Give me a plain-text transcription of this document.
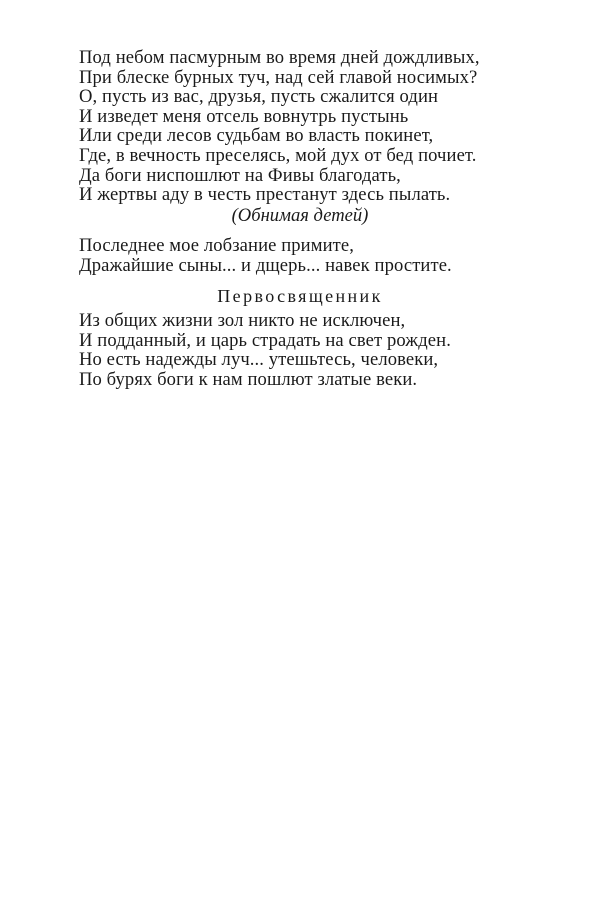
Под небом пасмурным во время дней дождливых,
При блеске бурных туч, над сей главой носимых?
О, пусть из вас, друзья, пусть сжалится один
И изведет меня отсель вовнутрь пустынь
Или среди лесов судьбам во власть покинет,
Где, в вечность преселясь, мой дух от бед почиет.
Да боги ниспошлют на Фивы благодать,
И жертвы аду в честь престанут здесь пылать.
(Обнимая детей)
Последнее мое лобзание примите,
Дражайшие сыны... и дщерь... навек простите.
Первосвященник
Из общих жизни зол никто не исключен,
И подданный, и царь страдать на свет рожден.
Но есть надежды луч... утешьтесь, человеки,
По бурях боги к нам пошлют златые веки.
